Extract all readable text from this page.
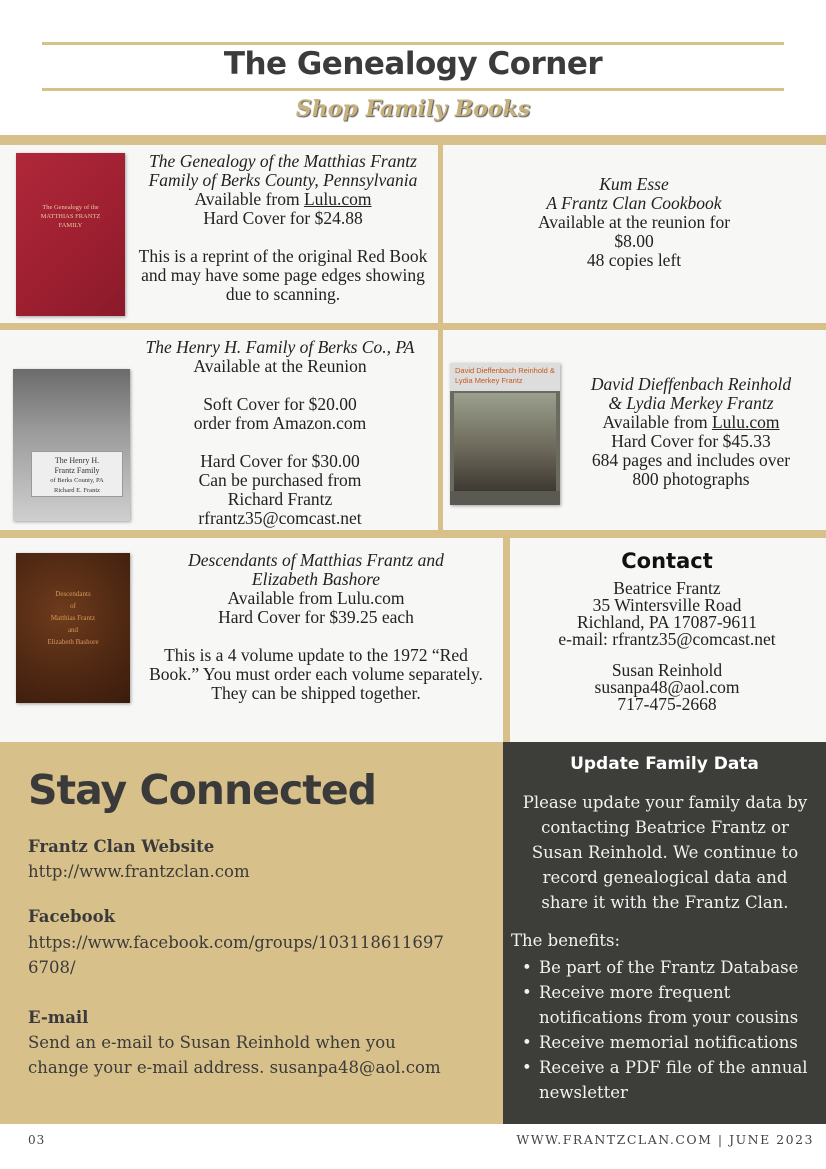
The Genealogy Corner
Shop Family Books
The Genealogy of the MATTHIAS FRANTZ FAMILY
The Genealogy of the Matthias Frantz Family of Berks County, Pennsylvania
Available from Lulu.com
Hard Cover for $24.88
This is a reprint of the original Red Book and may have some page edges showing due to scanning.
Kum Esse
A Frantz Clan Cookbook
Available at the reunion for
$8.00
48 copies left
The Henry H.
Frantz Family
of Berks County, PA
Richard E. Frantz
The Henry H. Family of Berks Co., PA
Available at the Reunion
Soft Cover for $20.00
order from Amazon.com
Hard Cover for $30.00
Can be purchased from
Richard Frantz
rfrantz35@comcast.net
David Dieffenbach Reinhold &
Lydia Merkey Frantz	David Dieffenbach Reinhold
& Lydia Merkey Frantz
Available from Lulu.com
Hard Cover for $45.33
684 pages and includes over
800 photographs
Descendants
of
Matthias Frantz
and
Elizabeth Bashore
Descendants of Matthias Frantz and
Elizabeth Bashore
Available from Lulu.com
Hard Cover for $39.25 each
This is a 4 volume update to the 1972 “Red Book.” You must order each volume separately. They can be shipped together.
Contact
Beatrice Frantz
35 Wintersville Road
Richland, PA 17087-9611
e-mail: rfrantz35@comcast.net
Susan Reinhold
susanpa48@aol.com
717-475-2668
Stay Connected
Frantz Clan Website
http://www.frantzclan.com
Facebook
https://www.facebook.com/groups/103118611697
6708/
E-mail
Send an e-mail to Susan Reinhold when you
change your e-mail address. susanpa48@aol.com
Update Family Data
Please update your family data by contacting Beatrice Frantz or Susan Reinhold. We continue to record genealogical data and share it with the Frantz Clan.
The benefits:
• Be part of the Frantz Database
• Receive more frequent notifications from your cousins
• Receive memorial notifications
• Receive a PDF file of the annual newsletter
03	WWW.FRANTZCLAN.COM | JUNE 2023
